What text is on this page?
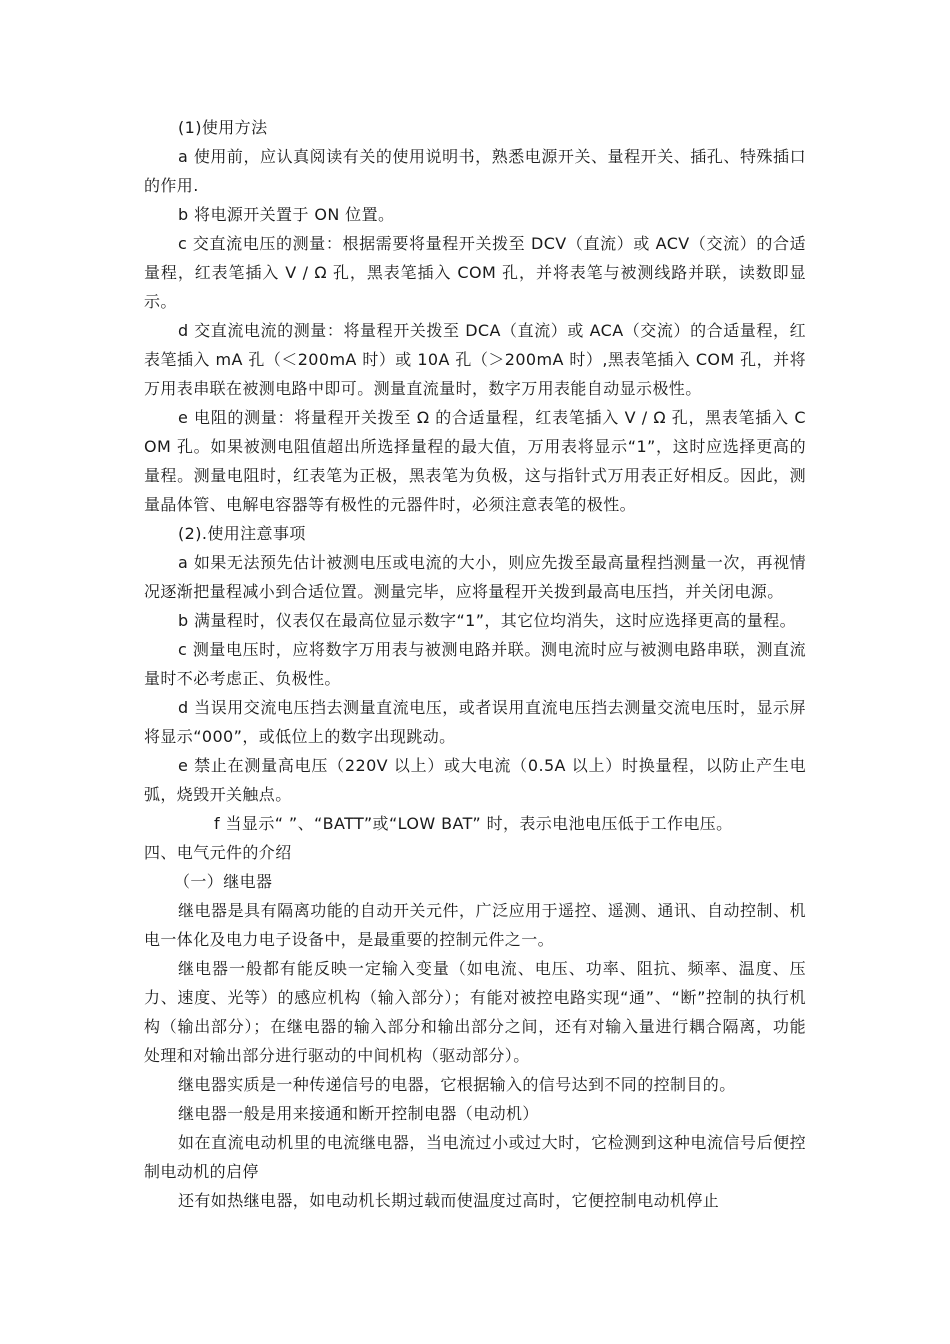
(1)使用方法

a 使用前，应认真阅读有关的使用说明书，熟悉电源开关、量程开关、插孔、特殊插口的作用.

b 将电源开关置于 ON 位置。

c 交直流电压的测量：根据需要将量程开关拨至 DCV（直流）或 ACV（交流）的合适量程，红表笔插入 V / Ω 孔，黑表笔插入 COM 孔，并将表笔与被测线路并联，读数即显示。

d 交直流电流的测量：将量程开关拨至 DCA（直流）或 ACA（交流）的合适量程，红表笔插入 mA 孔（＜200mA 时）或 10A 孔（＞200mA 时）,黑表笔插入 COM 孔，并将万用表串联在被测电路中即可。测量直流量时，数字万用表能自动显示极性。

e 电阻的测量：将量程开关拨至 Ω 的合适量程，红表笔插入 V / Ω 孔，黑表笔插入 COM 孔。如果被测电阻值超出所选择量程的最大值，万用表将显示“1”，这时应选择更高的量程。测量电阻时，红表笔为正极，黑表笔为负极，这与指针式万用表正好相反。因此，测量晶体管、电解电容器等有极性的元器件时，必须注意表笔的极性。

(2).使用注意事项

a 如果无法预先估计被测电压或电流的大小，则应先拨至最高量程挡测量一次，再视情况逐渐把量程减小到合适位置。测量完毕，应将量程开关拨到最高电压挡，并关闭电源。

b 满量程时，仪表仅在最高位显示数字“1”，其它位均消失，这时应选择更高的量程。

c 测量电压时，应将数字万用表与被测电路并联。测电流时应与被测电路串联，测直流量时不必考虑正、负极性。

d 当误用交流电压挡去测量直流电压，或者误用直流电压挡去测量交流电压时，显示屏将显示“000”，或低位上的数字出现跳动。

e 禁止在测量高电压（220V 以上）或大电流（0.5A 以上）时换量程，以防止产生电弧，烧毁开关触点。

f 当显示“ ”、“BATT”或“LOW BAT” 时，表示电池电压低于工作电压。

四、电气元件的介绍

（一）继电器

继电器是具有隔离功能的自动开关元件，广泛应用于遥控、遥测、通讯、自动控制、机电一体化及电力电子设备中，是最重要的控制元件之一。

继电器一般都有能反映一定输入变量（如电流、电压、功率、阻抗、频率、温度、压力、速度、光等）的感应机构（输入部分）；有能对被控电路实现“通”、“断”控制的执行机构（输出部分）；在继电器的输入部分和输出部分之间，还有对输入量进行耦合隔离，功能处理和对输出部分进行驱动的中间机构（驱动部分）。

继电器实质是一种传递信号的电器，它根据输入的信号达到不同的控制目的。

继电器一般是用来接通和断开控制电器（电动机）

如在直流电动机里的电流继电器，当电流过小或过大时，它检测到这种电流信号后便控制电动机的启停

还有如热继电器，如电动机长期过载而使温度过高时，它便控制电动机停止
